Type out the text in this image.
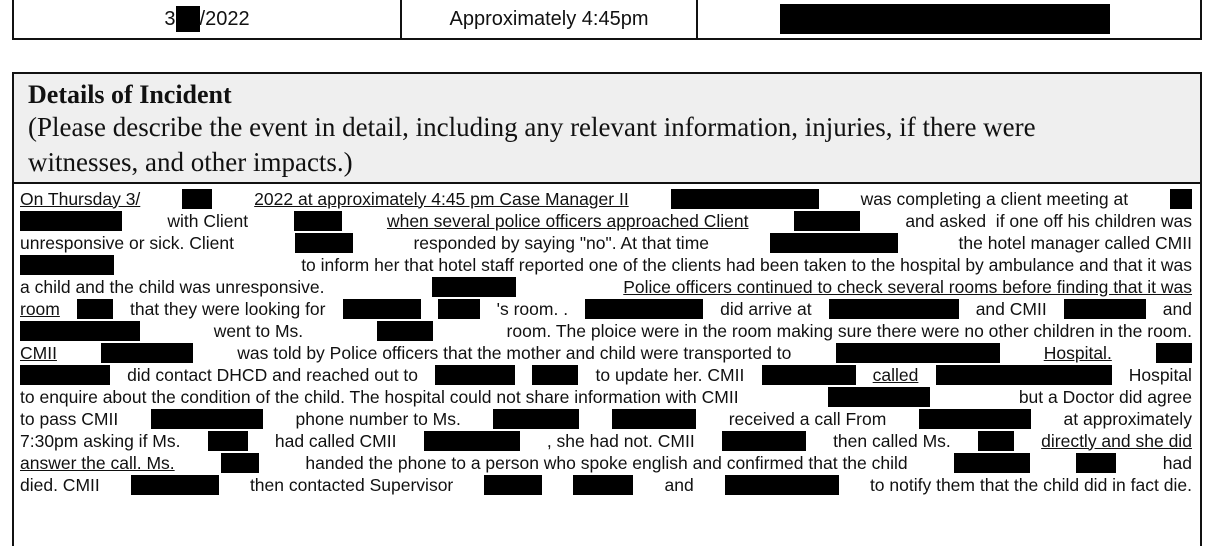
3 /2022	Approximately 4:45pm
Details of Incident
(Please describe the event in detail, including any relevant information, injuries, if there were witnesses, and other impacts.)
On Thursday 3/	2022 at approximately 4:45 pm Case Manager II	was completing a client meeting at
with Client	when several police officers approached Client	and asked  if one off his children was
unresponsive or sick. Client	responded by saying "no". At that time	the hotel manager called CMII
to inform her that hotel staff reported one of the clients had been taken to the hospital by ambulance and that it was
a child and the child was unresponsive.	Police officers continued to check several rooms before finding that it was
room	that they were looking for	's room. .	did arrive at	and CMII	and
went to Ms.	room. The ploice were in the room making sure there were no other children in the room.
CMII	was told by Police officers that the mother and child were transported to	Hospital.
did contact DHCD and reached out to	to update her. CMII	called	Hospital
to enquire about the condition of the child. The hospital could not share information with CMII	but a Doctor did agree
to pass CMII	phone number to Ms.	received a call From	at approximately
7:30pm asking if Ms.	had called CMII	, she had not. CMII	then called Ms.	directly and she did
answer the call. Ms.	handed the phone to a person who spoke english and confirmed that the child	had
died. CMII	then contacted Supervisor	and	to notify them that the child did in fact die.
